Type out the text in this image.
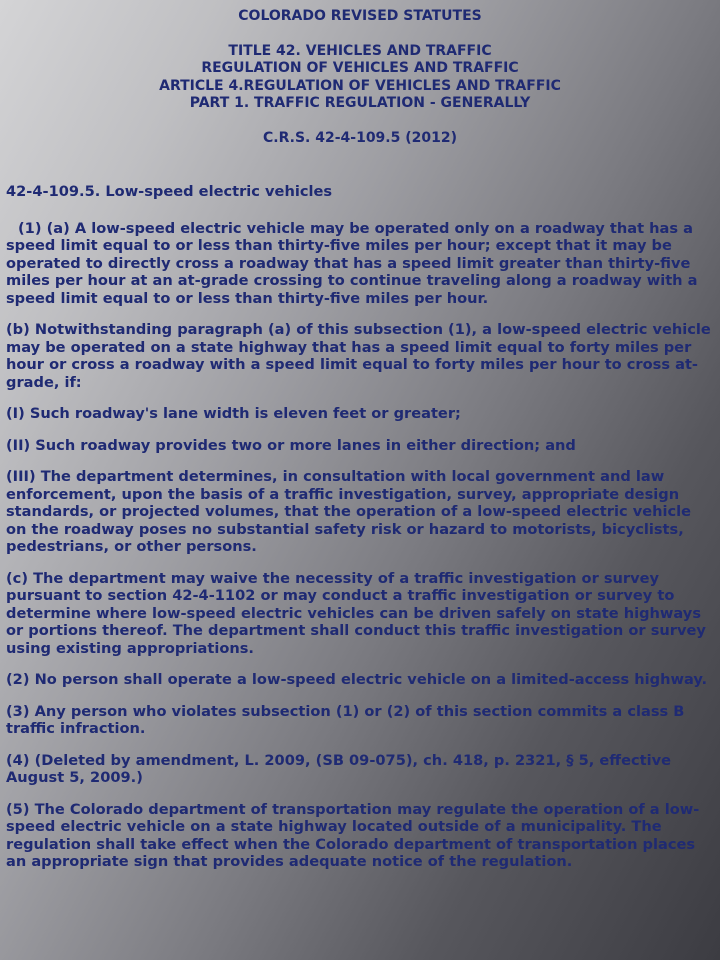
COLORADO REVISED STATUTES
TITLE 42. VEHICLES AND TRAFFIC
REGULATION OF VEHICLES AND TRAFFIC
ARTICLE 4.REGULATION OF VEHICLES AND TRAFFIC
PART 1. TRAFFIC REGULATION - GENERALLY
C.R.S. 42-4-109.5 (2012)
42-4-109.5. Low-speed electric vehicles

(1) (a) A low-speed electric vehicle may be operated only on a roadway that has a speed limit equal to or less than thirty-five miles per hour; except that it may be operated to directly cross a roadway that has a speed limit greater than thirty-five miles per hour at an at-grade crossing to continue traveling along a roadway with a speed limit equal to or less than thirty-five miles per hour.

(b) Notwithstanding paragraph (a) of this subsection (1), a low-speed electric vehicle may be operated on a state highway that has a speed limit equal to forty miles per hour or cross a roadway with a speed limit equal to forty miles per hour to cross at-grade, if:

(I) Such roadway's lane width is eleven feet or greater;

(II) Such roadway provides two or more lanes in either direction; and

(III) The department determines, in consultation with local government and law enforcement, upon the basis of a traffic investigation, survey, appropriate design standards, or projected volumes, that the operation of a low-speed electric vehicle on the roadway poses no substantial safety risk or hazard to motorists, bicyclists, pedestrians, or other persons.

(c) The department may waive the necessity of a traffic investigation or survey pursuant to section 42-4-1102 or may conduct a traffic investigation or survey to determine where low-speed electric vehicles can be driven safely on state highways or portions thereof. The department shall conduct this traffic investigation or survey using existing appropriations.

(2) No person shall operate a low-speed electric vehicle on a limited-access highway.

(3) Any person who violates subsection (1) or (2) of this section commits a class B traffic infraction.

(4) (Deleted by amendment, L. 2009, (SB 09-075), ch. 418, p. 2321, § 5, effective August 5, 2009.)

(5) The Colorado department of transportation may regulate the operation of a low-speed electric vehicle on a state highway located outside of a municipality. The regulation shall take effect when the Colorado department of transportation places an appropriate sign that provides adequate notice of the regulation.
